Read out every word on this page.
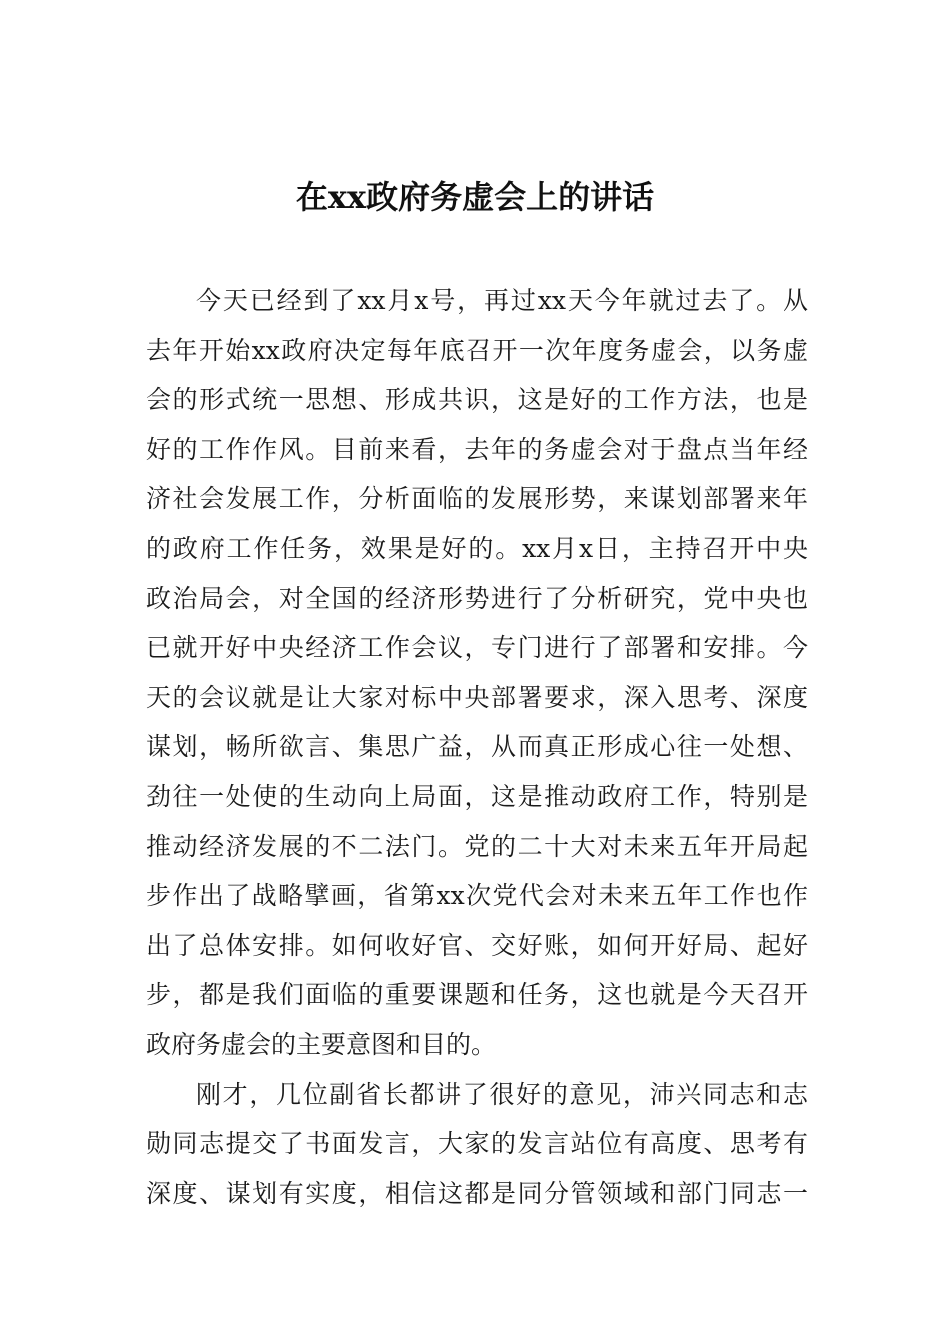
在xx政府务虚会上的讲话
今天已经到了xx月x号，再过xx天今年就过去了。从
去年开始xx政府决定每年底召开一次年度务虚会，以务虚
会的形式统一思想、形成共识，这是好的工作方法，也是
好的工作作风。目前来看，去年的务虚会对于盘点当年经
济社会发展工作，分析面临的发展形势，来谋划部署来年
的政府工作任务，效果是好的。xx月x日，主持召开中央
政治局会，对全国的经济形势进行了分析研究，党中央也
已就开好中央经济工作会议，专门进行了部署和安排。今
天的会议就是让大家对标中央部署要求，深入思考、深度
谋划，畅所欲言、集思广益，从而真正形成心往一处想、
劲往一处使的生动向上局面，这是推动政府工作，特别是
推动经济发展的不二法门。党的二十大对未来五年开局起
步作出了战略擘画，省第xx次党代会对未来五年工作也作
出了总体安排。如何收好官、交好账，如何开好局、起好
步，都是我们面临的重要课题和任务，这也就是今天召开
政府务虚会的主要意图和目的。
刚才，几位副省长都讲了很好的意见，沛兴同志和志
勋同志提交了书面发言，大家的发言站位有高度、思考有
深度、谋划有实度，相信这都是同分管领域和部门同志一
